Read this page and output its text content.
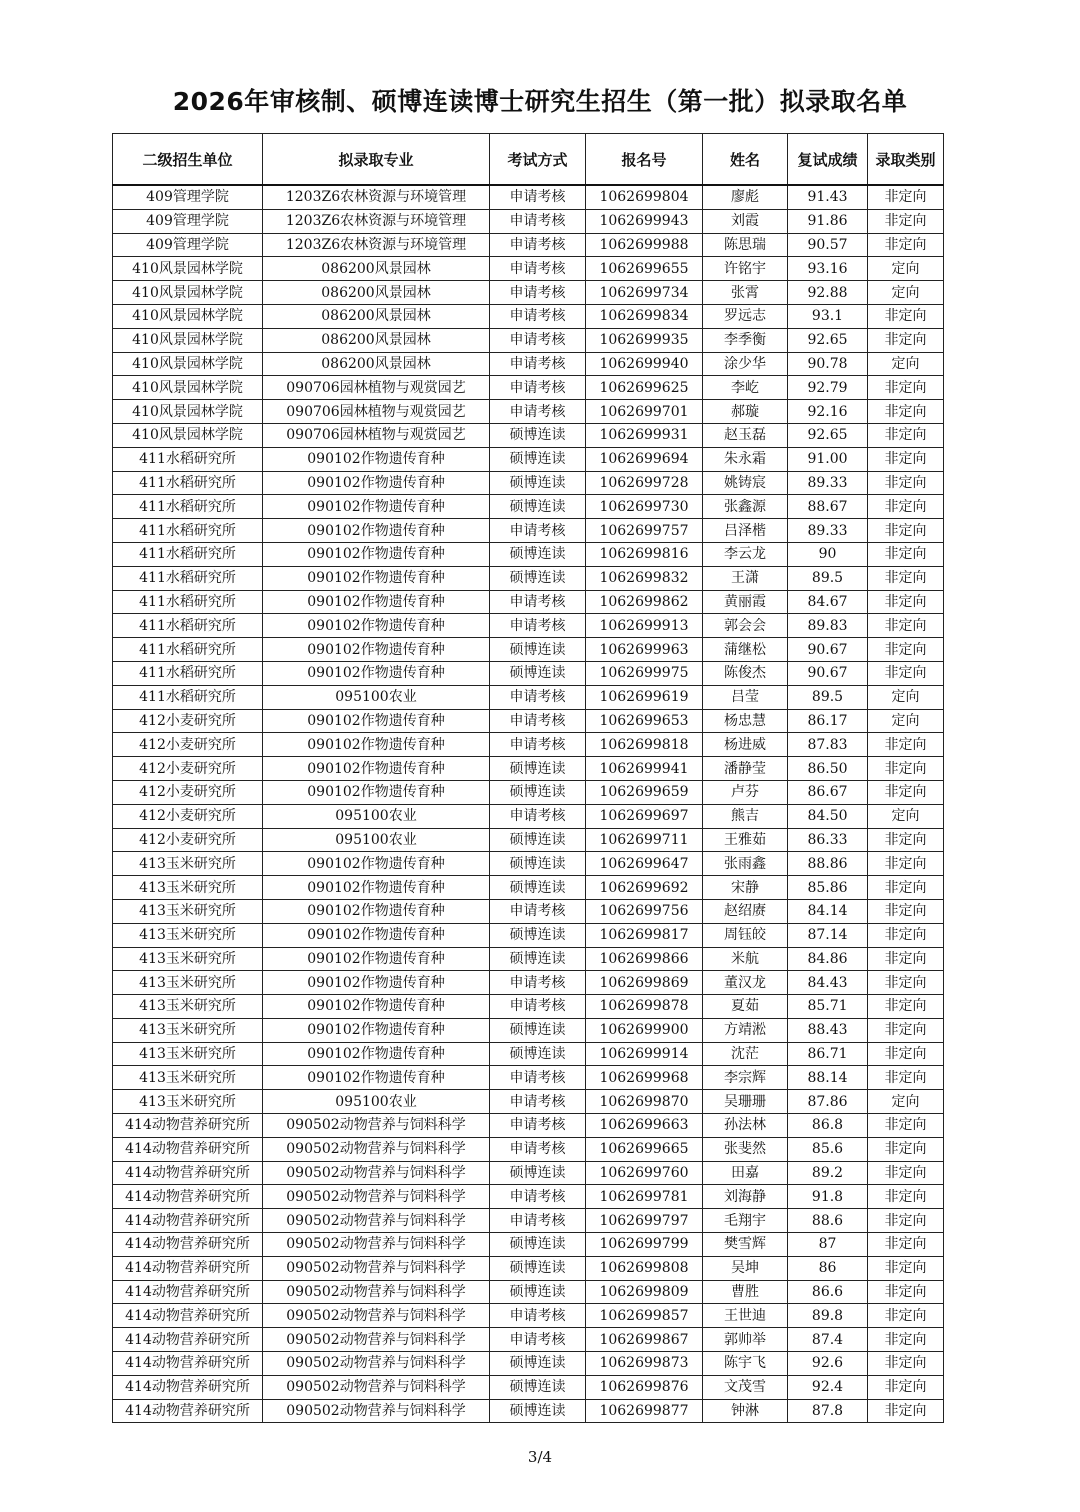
2026年审核制、硕博连读博士研究生招生（第一批）拟录取名单
二级招生单位	拟录取专业	考试方式	报名号	姓名	复试成绩	录取类别
409管理学院	1203Z6农林资源与环境管理	申请考核	1062699804	廖彪	91.43	非定向
409管理学院	1203Z6农林资源与环境管理	申请考核	1062699943	刘霞	91.86	非定向
409管理学院	1203Z6农林资源与环境管理	申请考核	1062699988	陈思瑞	90.57	非定向
410风景园林学院	086200风景园林	申请考核	1062699655	许铭宇	93.16	定向
410风景园林学院	086200风景园林	申请考核	1062699734	张霄	92.88	定向
410风景园林学院	086200风景园林	申请考核	1062699834	罗远志	93.1	非定向
410风景园林学院	086200风景园林	申请考核	1062699935	李季衡	92.65	非定向
410风景园林学院	086200风景园林	申请考核	1062699940	涂少华	90.78	定向
410风景园林学院	090706园林植物与观赏园艺	申请考核	1062699625	李屹	92.79	非定向
410风景园林学院	090706园林植物与观赏园艺	申请考核	1062699701	郝璇	92.16	非定向
410风景园林学院	090706园林植物与观赏园艺	硕博连读	1062699931	赵玉磊	92.65	非定向
411水稻研究所	090102作物遗传育种	硕博连读	1062699694	朱永霜	91.00	非定向
411水稻研究所	090102作物遗传育种	硕博连读	1062699728	姚铸宸	89.33	非定向
411水稻研究所	090102作物遗传育种	硕博连读	1062699730	张鑫源	88.67	非定向
411水稻研究所	090102作物遗传育种	申请考核	1062699757	吕泽楷	89.33	非定向
411水稻研究所	090102作物遗传育种	硕博连读	1062699816	李云龙	90	非定向
411水稻研究所	090102作物遗传育种	硕博连读	1062699832	王潇	89.5	非定向
411水稻研究所	090102作物遗传育种	申请考核	1062699862	黄丽霞	84.67	非定向
411水稻研究所	090102作物遗传育种	申请考核	1062699913	郭会会	89.83	非定向
411水稻研究所	090102作物遗传育种	硕博连读	1062699963	蒲继松	90.67	非定向
411水稻研究所	090102作物遗传育种	硕博连读	1062699975	陈俊杰	90.67	非定向
411水稻研究所	095100农业	申请考核	1062699619	吕莹	89.5	定向
412小麦研究所	090102作物遗传育种	申请考核	1062699653	杨忠慧	86.17	定向
412小麦研究所	090102作物遗传育种	申请考核	1062699818	杨进威	87.83	非定向
412小麦研究所	090102作物遗传育种	硕博连读	1062699941	潘静莹	86.50	非定向
412小麦研究所	090102作物遗传育种	硕博连读	1062699659	卢芬	86.67	非定向
412小麦研究所	095100农业	申请考核	1062699697	熊吉	84.50	定向
412小麦研究所	095100农业	硕博连读	1062699711	王雅茹	86.33	非定向
413玉米研究所	090102作物遗传育种	硕博连读	1062699647	张雨鑫	88.86	非定向
413玉米研究所	090102作物遗传育种	硕博连读	1062699692	宋静	85.86	非定向
413玉米研究所	090102作物遗传育种	申请考核	1062699756	赵绍赓	84.14	非定向
413玉米研究所	090102作物遗传育种	硕博连读	1062699817	周钰皎	87.14	非定向
413玉米研究所	090102作物遗传育种	硕博连读	1062699866	米航	84.86	非定向
413玉米研究所	090102作物遗传育种	申请考核	1062699869	董汉龙	84.43	非定向
413玉米研究所	090102作物遗传育种	申请考核	1062699878	夏茹	85.71	非定向
413玉米研究所	090102作物遗传育种	硕博连读	1062699900	方靖淞	88.43	非定向
413玉米研究所	090102作物遗传育种	硕博连读	1062699914	沈茫	86.71	非定向
413玉米研究所	090102作物遗传育种	申请考核	1062699968	李宗辉	88.14	非定向
413玉米研究所	095100农业	申请考核	1062699870	吴珊珊	87.86	定向
414动物营养研究所	090502动物营养与饲料科学	申请考核	1062699663	孙法林	86.8	非定向
414动物营养研究所	090502动物营养与饲料科学	申请考核	1062699665	张斐然	85.6	非定向
414动物营养研究所	090502动物营养与饲料科学	硕博连读	1062699760	田嘉	89.2	非定向
414动物营养研究所	090502动物营养与饲料科学	申请考核	1062699781	刘海静	91.8	非定向
414动物营养研究所	090502动物营养与饲料科学	申请考核	1062699797	毛翔宇	88.6	非定向
414动物营养研究所	090502动物营养与饲料科学	硕博连读	1062699799	樊雪辉	87	非定向
414动物营养研究所	090502动物营养与饲料科学	硕博连读	1062699808	吴坤	86	非定向
414动物营养研究所	090502动物营养与饲料科学	硕博连读	1062699809	曹胜	86.6	非定向
414动物营养研究所	090502动物营养与饲料科学	申请考核	1062699857	王世迪	89.8	非定向
414动物营养研究所	090502动物营养与饲料科学	申请考核	1062699867	郭帅举	87.4	非定向
414动物营养研究所	090502动物营养与饲料科学	硕博连读	1062699873	陈宇飞	92.6	非定向
414动物营养研究所	090502动物营养与饲料科学	硕博连读	1062699876	文茂雪	92.4	非定向
414动物营养研究所	090502动物营养与饲料科学	硕博连读	1062699877	钟淋	87.8	非定向
3/4
